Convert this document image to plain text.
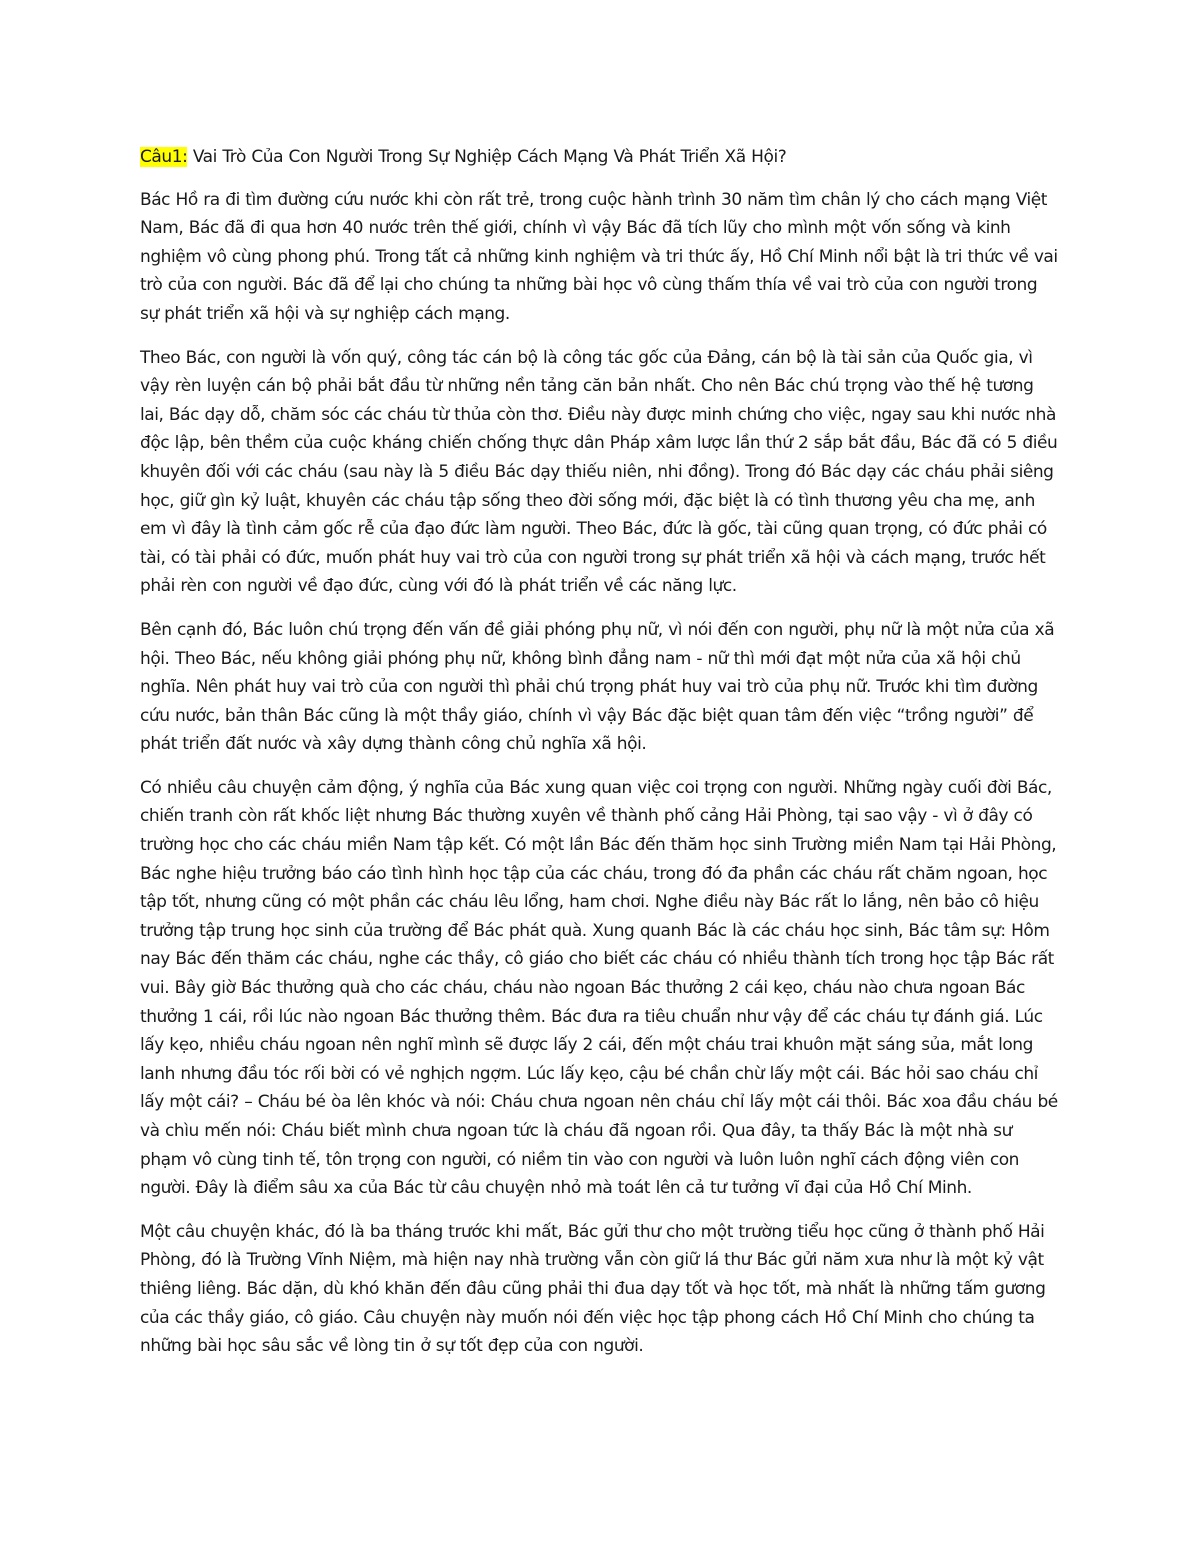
Câu1: Vai Trò Của Con Người Trong Sự Nghiệp Cách Mạng Và Phát Triển Xã Hội?

Bác Hồ ra đi tìm đường cứu nước khi còn rất trẻ, trong cuộc hành trình 30 năm tìm chân lý cho cách mạng Việt Nam, Bác đã đi qua hơn 40 nước trên thế giới, chính vì vậy Bác đã tích lũy cho mình một vốn sống và kinh nghiệm vô cùng phong phú. Trong tất cả những kinh nghiệm và tri thức ấy, Hồ Chí Minh nổi bật là tri thức về vai trò của con người. Bác đã để lại cho chúng ta những bài học vô cùng thấm thía về vai trò của con người trong sự phát triển xã hội và sự nghiệp cách mạng.

Theo Bác, con người là vốn quý, công tác cán bộ là công tác gốc của Đảng, cán bộ là tài sản của Quốc gia, vì vậy rèn luyện cán bộ phải bắt đầu từ những nền tảng căn bản nhất. Cho nên Bác chú trọng vào thế hệ tương lai, Bác dạy dỗ, chăm sóc các cháu từ thủa còn thơ. Điều này được minh chứng cho việc, ngay sau khi nước nhà độc lập, bên thềm của cuộc kháng chiến chống thực dân Pháp xâm lược lần thứ 2 sắp bắt đầu, Bác đã có 5 điều khuyên đối với các cháu (sau này là 5 điều Bác dạy thiếu niên, nhi đồng). Trong đó Bác dạy các cháu phải siêng học, giữ gìn kỷ luật, khuyên các cháu tập sống theo đời sống mới, đặc biệt là có tình thương yêu cha mẹ, anh em vì đây là tình cảm gốc rễ của đạo đức làm người. Theo Bác, đức là gốc, tài cũng quan trọng, có đức phải có tài, có tài phải có đức, muốn phát huy vai trò của con người trong sự phát triển xã hội và cách mạng, trước hết phải rèn con người về đạo đức, cùng với đó là phát triển về các năng lực.

Bên cạnh đó, Bác luôn chú trọng đến vấn đề giải phóng phụ nữ, vì nói đến con người, phụ nữ là một nửa của xã hội. Theo Bác, nếu không giải phóng phụ nữ, không bình đẳng nam - nữ thì mới đạt một nửa của xã hội chủ nghĩa. Nên phát huy vai trò của con người thì phải chú trọng phát huy vai trò của phụ nữ. Trước khi tìm đường cứu nước, bản thân Bác cũng là một thầy giáo, chính vì vậy Bác đặc biệt quan tâm đến việc “trồng người” để phát triển đất nước và xây dựng thành công chủ nghĩa xã hội.

Có nhiều câu chuyện cảm động, ý nghĩa của Bác xung quan việc coi trọng con người. Những ngày cuối đời Bác, chiến tranh còn rất khốc liệt nhưng Bác thường xuyên về thành phố cảng Hải Phòng, tại sao vậy - vì ở đây có trường học cho các cháu miền Nam tập kết. Có một lần Bác đến thăm học sinh Trường miền Nam tại Hải Phòng, Bác nghe hiệu trưởng báo cáo tình hình học tập của các cháu, trong đó đa phần các cháu rất chăm ngoan, học tập tốt, nhưng cũng có một phần các cháu lêu lổng, ham chơi. Nghe điều này Bác rất lo lắng, nên bảo cô hiệu trưởng tập trung học sinh của trường để Bác phát quà. Xung quanh Bác là các cháu học sinh, Bác tâm sự: Hôm nay Bác đến thăm các cháu, nghe các thầy, cô giáo cho biết các cháu có nhiều thành tích trong học tập Bác rất vui. Bây giờ Bác thưởng quà cho các cháu, cháu nào ngoan Bác thưởng 2 cái kẹo, cháu nào chưa ngoan Bác thưởng 1 cái, rồi lúc nào ngoan Bác thưởng thêm. Bác đưa ra tiêu chuẩn như vậy để các cháu tự đánh giá. Lúc lấy kẹo, nhiều cháu ngoan nên nghĩ mình sẽ được lấy 2 cái, đến một cháu trai khuôn mặt sáng sủa, mắt long lanh nhưng đầu tóc rối bời có vẻ nghịch ngợm. Lúc lấy kẹo, cậu bé chần chừ lấy một cái. Bác hỏi sao cháu chỉ lấy một cái? – Cháu bé òa lên khóc và nói: Cháu chưa ngoan nên cháu chỉ lấy một cái thôi. Bác xoa đầu cháu bé và chìu mến nói: Cháu biết mình chưa ngoan tức là cháu đã ngoan rồi. Qua đây, ta thấy Bác là một nhà sư phạm vô cùng tinh tế, tôn trọng con người, có niềm tin vào con người và luôn luôn nghĩ cách động viên con người. Đây là điểm sâu xa của Bác từ câu chuyện nhỏ mà toát lên cả tư tưởng vĩ đại của Hồ Chí Minh.

Một câu chuyện khác, đó là ba tháng trước khi mất, Bác gửi thư cho một trường tiểu học cũng ở thành phố Hải Phòng, đó là Trường Vĩnh Niệm, mà hiện nay nhà trường vẫn còn giữ lá thư Bác gửi năm xưa như là một kỷ vật thiêng liêng. Bác dặn, dù khó khăn đến đâu cũng phải thi đua dạy tốt và học tốt, mà nhất là những tấm gương của các thầy giáo, cô giáo. Câu chuyện này muốn nói đến việc học tập phong cách Hồ Chí Minh cho chúng ta những bài học sâu sắc về lòng tin ở sự tốt đẹp của con người.
